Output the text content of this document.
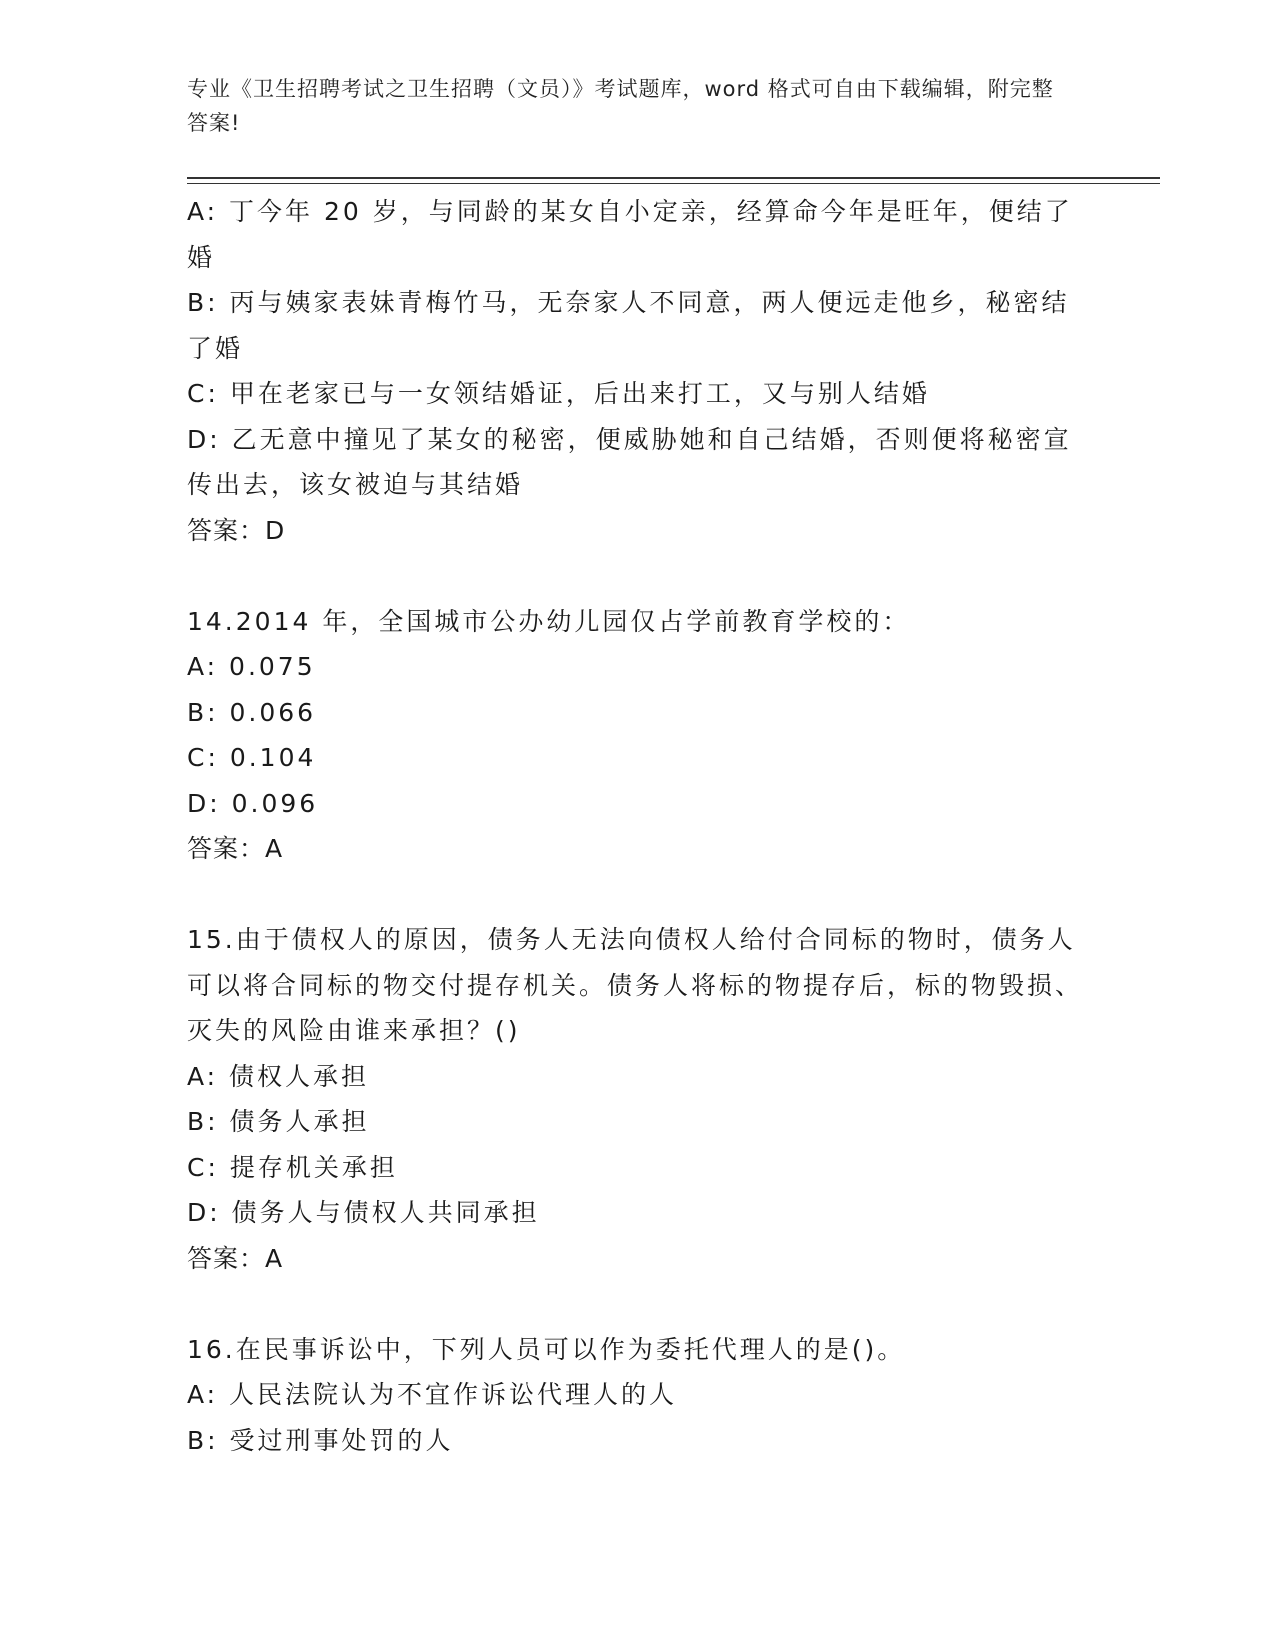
专业《卫生招聘考试之卫生招聘（文员）》考试题库，word 格式可自由下载编辑，附完整答案!

A: 丁今年 20 岁，与同龄的某女自小定亲，经算命今年是旺年，便结了婚

B: 丙与姨家表妹青梅竹马，无奈家人不同意，两人便远走他乡，秘密结了婚

C: 甲在老家已与一女领结婚证，后出来打工，又与别人结婚

D: 乙无意中撞见了某女的秘密，便威胁她和自己结婚，否则便将秘密宣传出去，该女被迫与其结婚

答案：D

14.2014 年，全国城市公办幼儿园仅占学前教育学校的：

A: 0.075

B: 0.066

C: 0.104

D: 0.096

答案：A

15.由于债权人的原因，债务人无法向债权人给付合同标的物时，债务人可以将合同标的物交付提存机关。债务人将标的物提存后，标的物毁损、灭失的风险由谁来承担？()

A: 债权人承担

B: 债务人承担

C: 提存机关承担

D: 债务人与债权人共同承担

答案：A

16.在民事诉讼中，下列人员可以作为委托代理人的是()。

A: 人民法院认为不宜作诉讼代理人的人

B: 受过刑事处罚的人
